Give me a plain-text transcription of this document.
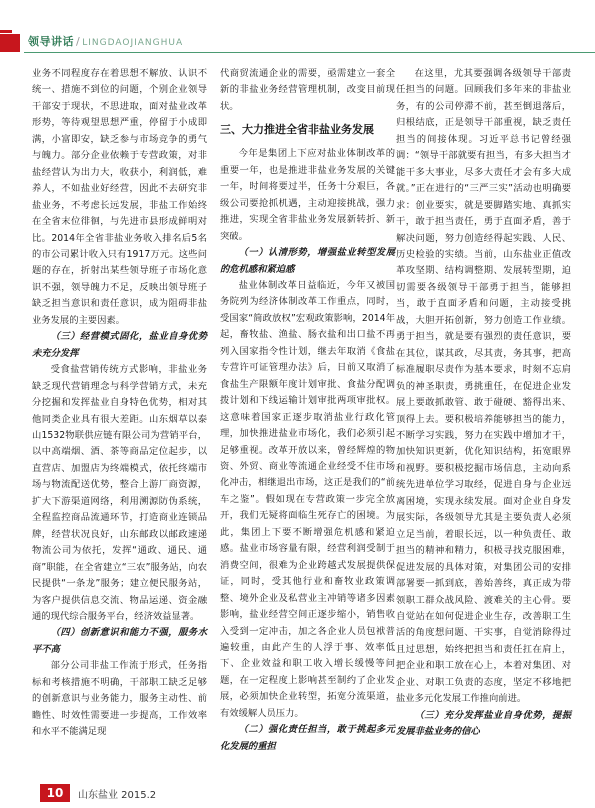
领导讲话 / LINGDAOJIANGHUA

业务不同程度存在着思想不解放、认识不统一、措施不到位的问题，个别企业领导干部安于现状，不思进取，面对盐业改革形势，等待观望思想严重，停留于小成即满，小富即安，缺乏参与市场竞争的勇气与魄力。部分企业依赖于专营政策，对非盐经营认为出力大，收获小，利润低，难养人，不如盐业好经营，因此不去研究非盐业务，不考虑长远发展，非盐工作始终在全省末位徘徊，与先进市县形成鲜明对比。2014年全省非盐业务收入排名后5名的市公司累计收入只有1917万元。这些问题的存在，折射出某些领导班子市场化意识不强，领导魄力不足，反映出领导班子缺乏担当意识和责任意识，成为阻碍非盐业务发展的主要因素。

（三）经营模式固化，盐业自身优势未充分发挥

受食盐营销传统方式影响，非盐业务缺乏现代营销理念与科学营销方式，未充分挖掘和发挥盐业自身特色优势，相对其他同类企业具有很大差距。山东烟草以泰山1532物联供应链有限公司为营销平台，以中高端烟、酒、茶等商品定位起步，以直营店、加盟店为终端模式，依托终端市场与物流配送优势，整合上游厂商资源，扩大下游渠道网络，利用溯源防伪系统，全程监控商品流通环节，打造商业连锁品牌，经营状况良好，山东邮政以邮政速递物流公司为依托，发挥“通政、通民、通商”职能，在全省建立“三农”服务站，向农民提供“一条龙”服务；建立便民服务站，为客户提供信息交流、物品运递、资金融通的现代综合服务平台，经济效益显著。

（四）创新意识和能力不强，服务水平不高

部分公司非盐工作流于形式，任务指标和考核措施不明确，干部职工缺乏足够的创新意识与业务能力，服务主动性、前瞻性、时效性需要进一步提高，工作效率和水平不能满足现

代商贸流通企业的需要，亟需建立一套全新的非盐业务经营管理机制，改变目前现状。

三、大力推进全省非盐业务发展

今年是集团上下应对盐业体制改革的重要一年，也是推进非盐业务发展的关键一年，时间将要过半，任务十分艰巨，各级公司要抢抓机遇，主动迎接挑战，强力推进，实现全省非盐业务发展新转折、新突破。

（一）认清形势，增强盐业转型发展的危机感和紧迫感

盐业体制改革日益临近，今年又被国务院列为经济体制改革工作重点，同时，受国家“简政放权”宏观政策影响，2014年起，畜牧盐、渔盐、肠衣盐和出口盐不再列入国家指令性计划，继去年取消《食盐专营许可证管理办法》后，日前又取消了食盐生产限额年度计划审批、食盐分配调拨计划和下线运输计划审批两项审批权。这意味着国家正逐步取消盐业行政化管理，加快推进盐业市场化，我们必须引起足够重视。改革开放以来，曾经辉煌的物资、外贸、商业等流通企业经受不住市场化冲击，相继退出市场，这正是我们的“前车之鉴”。假如现在专营政策一步完全放开，我们无疑将面临生死存亡的困境。为此，集团上下要不断增强危机感和紧迫感。盐业市场容量有限，经营利润受制于消费空间，很难为企业跨越式发展提供保证，同时，受其他行业和畜牧业政策调整、境外企业及私营业主冲销等诸多因素影响，盐业经营空间正逐步缩小，销售收入受到一定冲击，加之各企业人员包袱普遍较重，由此产生的人浮于事、效率低下、企业效益和职工收入增长缓慢等问题，在一定程度上影响甚至制约了企业发展，必须加快企业转型，拓宽分流渠道，有效缓解人员压力。

（二）强化责任担当，敢于挑起多元化发展的重担

在这里，尤其要强调各级领导干部责任担当的问题。回顾我们多年来的非盐业务，有的公司停滞不前，甚至倒退落后，归根结底，正是领导干部重视，缺乏责任担当的间接体现。习近平总书记曾经强调：“领导干部就要有担当，有多大担当才能干多大事业，尽多大责任才会有多大成就。”正在进行的“三严三实”活动也明确要求：创业要实，就是要脚踏实地、真抓实干，敢于担当责任，勇于直面矛盾，善于解决问题，努力创造经得起实践、人民、历史检验的实绩。当前，山东盐业正值改革攻坚期、结构调整期、发展转型期，迫切需要各级领导干部勇于担当，能够担当，敢于直面矛盾和问题，主动接受挑战，大胆开拓创新，努力创造工作业绩。勇于担当，就是要有强烈的责任意识，要在其位，谋其政，尽其责，务其事，把高标准履职尽责作为基本要求，时刻不忘肩负的神圣职责，勇挑重任，在促进企业发展上要敢抓敢管、敢于碰硬、豁得出来、顶得上去。要积极培养能够担当的能力，不断学习实践，努力在实践中增加才干，加快知识更新，优化知识结构，拓宽眼界和视野。要积极挖掘市场信息，主动向系统先进单位学习取经，促进自身与企业远离困境，实现永续发展。面对企业自身发展实际，各级领导尤其是主要负责人必须立足当前，着眼长远，以一种负责任、敢担当的精神和精力，积极寻找克服困难，促进发展的具体对策，对集团公司的安排部署要一抓到底，善始善终，真正成为带领职工群众战风险、渡难关的主心骨。要自觉站在如何促进企业生存，改善职工生活的角度想问题、干实事，自觉消除得过且过思想，始终把担当和责任扛在肩上，把企业和职工放在心上，本着对集团、对企业、对职工负责的态度，坚定不移地把盐业多元化发展工作推向前进。

（三）充分发挥盐业自身优势，提振发展非盐业务的信心

10	山东盐业 2015.2
